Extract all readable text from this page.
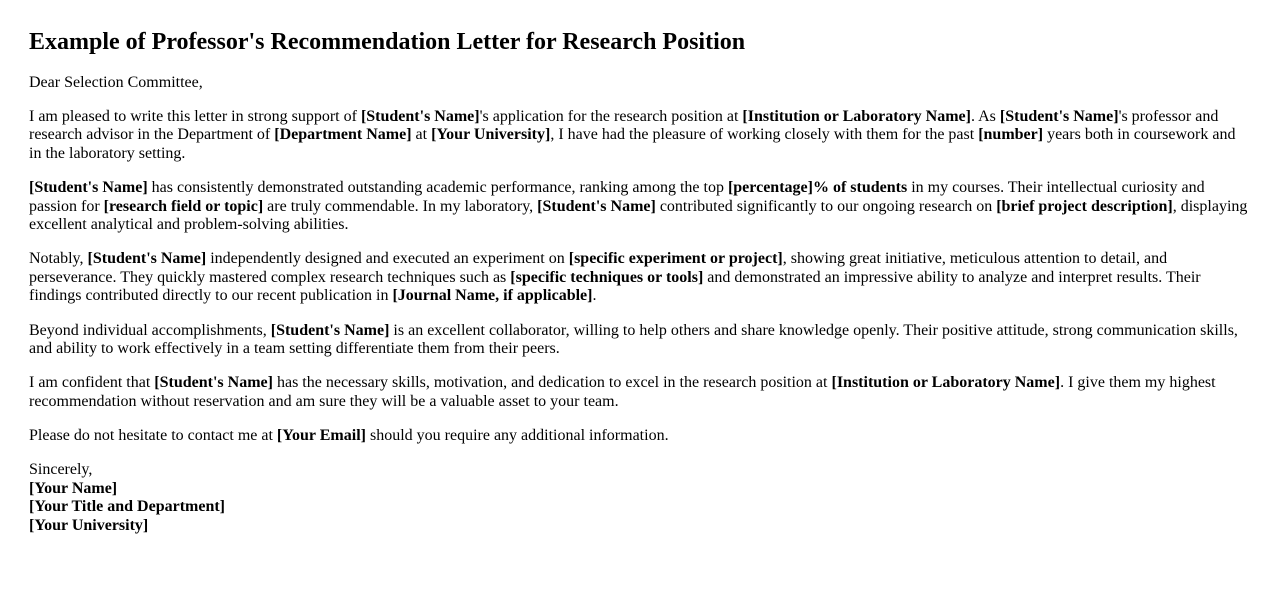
Example of Professor's Recommendation Letter for Research Position

Dear Selection Committee,

I am pleased to write this letter in strong support of [Student's Name]'s application for the research position at [Institution or Laboratory Name]. As [Student's Name]'s professor and research advisor in the Department of [Department Name] at [Your University], I have had the pleasure of working closely with them for the past [number] years both in coursework and in the laboratory setting.

[Student's Name] has consistently demonstrated outstanding academic performance, ranking among the top [percentage]% of students in my courses. Their intellectual curiosity and passion for [research field or topic] are truly commendable. In my laboratory, [Student's Name] contributed significantly to our ongoing research on [brief project description], displaying excellent analytical and problem-solving abilities.

Notably, [Student's Name] independently designed and executed an experiment on [specific experiment or project], showing great initiative, meticulous attention to detail, and perseverance. They quickly mastered complex research techniques such as [specific techniques or tools] and demonstrated an impressive ability to analyze and interpret results. Their findings contributed directly to our recent publication in [Journal Name, if applicable].

Beyond individual accomplishments, [Student's Name] is an excellent collaborator, willing to help others and share knowledge openly. Their positive attitude, strong communication skills, and ability to work effectively in a team setting differentiate them from their peers.

I am confident that [Student's Name] has the necessary skills, motivation, and dedication to excel in the research position at [Institution or Laboratory Name]. I give them my highest recommendation without reservation and am sure they will be a valuable asset to your team.

Please do not hesitate to contact me at [Your Email] should you require any additional information.

Sincerely,
[Your Name]
[Your Title and Department]
[Your University]
